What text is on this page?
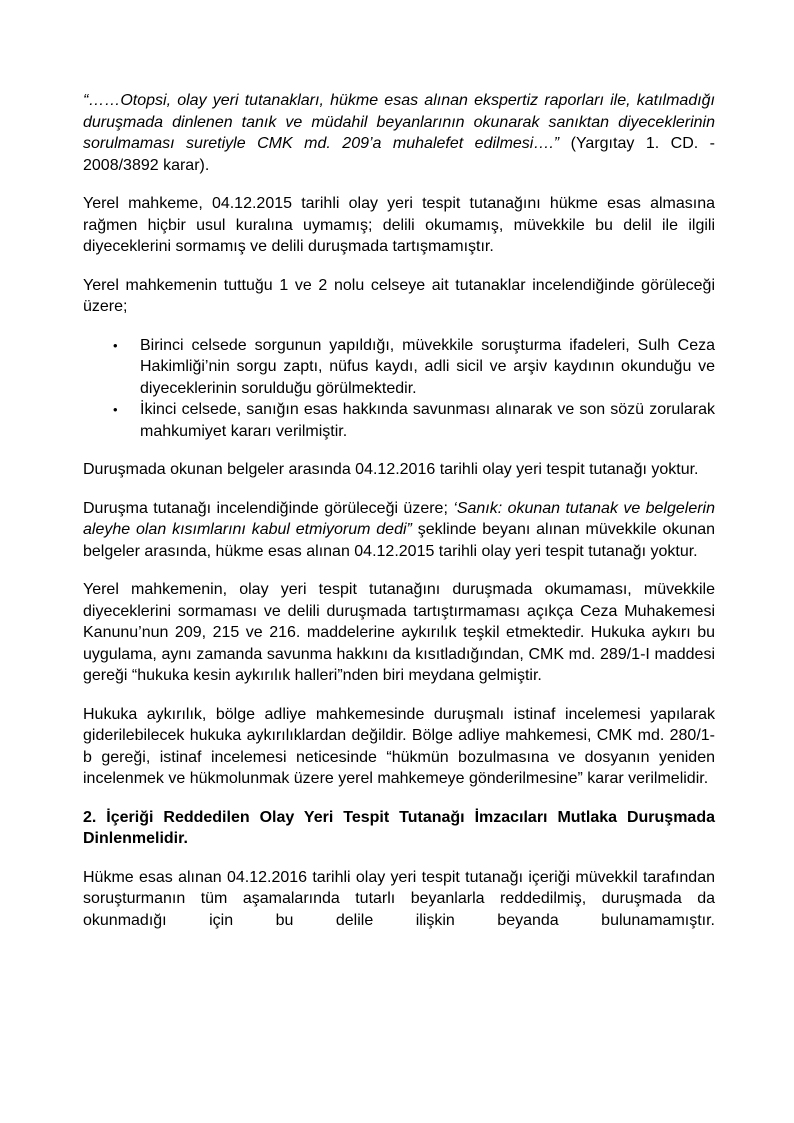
“……Otopsi, olay yeri tutanakları, hükme esas alınan ekspertiz raporları ile, katılmadığı duruşmada dinlenen tanık ve müdahil beyanlarının okunarak sanıktan diyeceklerinin sorulmaması suretiyle CMK md. 209’a muhalefet edilmesi….” (Yargıtay 1. CD. - 2008/3892 karar).

Yerel mahkeme, 04.12.2015 tarihli olay yeri tespit tutanağını hükme esas almasına rağmen hiçbir usul kuralına uymamış; delili okumamış, müvekkile bu delil ile ilgili diyeceklerini sormamış ve delili duruşmada tartışmamıştır.

Yerel mahkemenin tuttuğu 1 ve 2 nolu celseye ait tutanaklar incelendiğinde görüleceği üzere;

• Birinci celsede sorgunun yapıldığı, müvekkile soruşturma ifadeleri, Sulh Ceza Hakimliği’nin sorgu zaptı, nüfus kaydı, adli sicil ve arşiv kaydının okunduğu ve diyeceklerinin sorulduğu görülmektedir.
• İkinci celsede, sanığın esas hakkında savunması alınarak ve son sözü zorularak mahkumiyet kararı verilmiştir.

Duruşmada okunan belgeler arasında 04.12.2016 tarihli olay yeri tespit tutanağı yoktur.

Duruşma tutanağı incelendiğinde görüleceği üzere; ‘Sanık: okunan tutanak ve belgelerin aleyhe olan kısımlarını kabul etmiyorum dedi” şeklinde beyanı alınan müvekkile okunan belgeler arasında, hükme esas alınan 04.12.2015 tarihli olay yeri tespit tutanağı yoktur.

Yerel mahkemenin, olay yeri tespit tutanağını duruşmada okumaması, müvekkile diyeceklerini sormaması ve delili duruşmada tartıştırmaması açıkça Ceza Muhakemesi Kanunu’nun 209, 215 ve 216. maddelerine aykırılık teşkil etmektedir. Hukuka aykırı bu uygulama, aynı zamanda savunma hakkını da kısıtladığından, CMK md. 289/1-I maddesi gereği “hukuka kesin aykırılık halleri”nden biri meydana gelmiştir.

Hukuka aykırılık, bölge adliye mahkemesinde duruşmalı istinaf incelemesi yapılarak giderilebilecek hukuka aykırılıklardan değildir. Bölge adliye mahkemesi, CMK md. 280/1-b gereği, istinaf incelemesi neticesinde “hükmün bozulmasına ve dosyanın yeniden incelenmek ve hükmolunmak üzere yerel mahkemeye gönderilmesine” karar verilmelidir.

2. İçeriği Reddedilen Olay Yeri Tespit Tutanağı İmzacıları Mutlaka Duruşmada Dinlenmelidir.

Hükme esas alınan 04.12.2016 tarihli olay yeri tespit tutanağı içeriği müvekkil tarafından soruşturmanın tüm aşamalarında tutarlı beyanlarla reddedilmiş, duruşmada da okunmadığı için bu delile ilişkin beyanda bulunamamıştır.
